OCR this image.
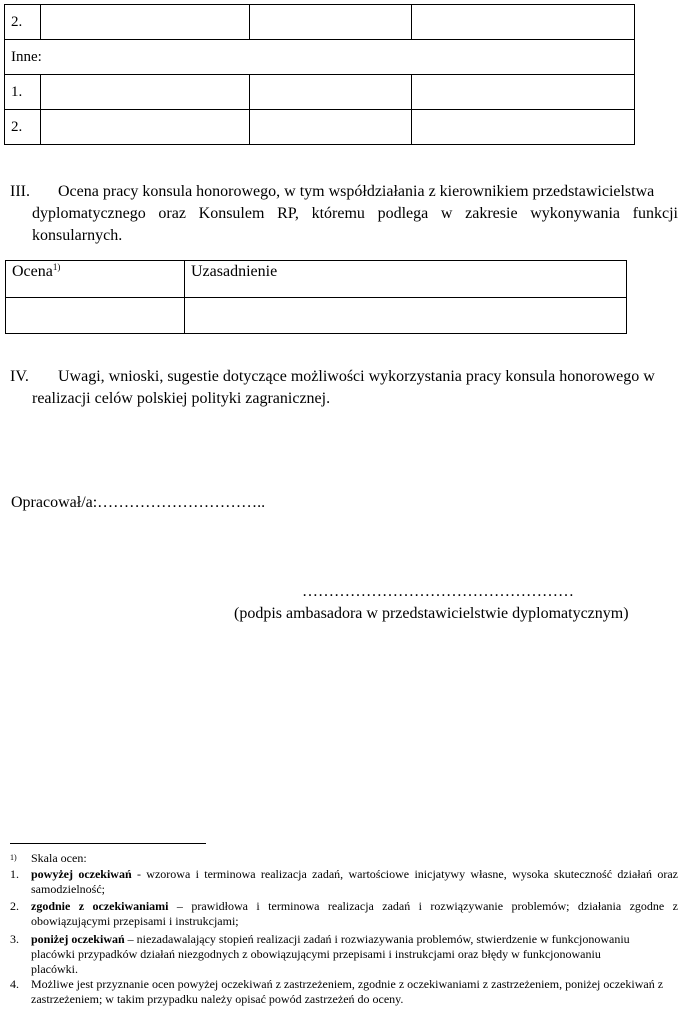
2.			
Inne:			
1.			
2.			
III. Ocena pracy konsula honorowego, w tym współdziałania z kierownikiem przedstawicielstwa
dyplomatycznego oraz Konsulem RP, któremu podlega w zakresie wykonywania funkcji konsularnych.
Ocena$^{1)}$	Uzasadnienie

IV. Uwagi, wnioski, sugestie dotyczące możliwości wykorzystania pracy konsula honorowego w
realizacji celów polskiej polityki zagranicznej.
Opracował/a:…………………………..
……………………………………………
(podpis ambasadora w przedstawicielstwie dyplomatycznym)
$^{1)}$ Skala ocen:
1. powyżej oczekiwań - wzorowa i terminowa realizacja zadań, wartościowe inicjatywy własne, wysoka skuteczność działań oraz samodzielność;
2. zgodnie z oczekiwaniami – prawidłowa i terminowa realizacja zadań i rozwiązywanie problemów; działania zgodne z obowiązującymi przepisami i instrukcjami;
3. poniżej oczekiwań – niezadawalający stopień realizacji zadań i rozwiazywania problemów, stwierdzenie w funkcjonowaniu placówki przypadków działań niezgodnych z obowiązującymi przepisami i instrukcjami oraz błędy w funkcjonowaniu placówki.
4. Możliwe jest przyznanie ocen powyżej oczekiwań z zastrzeżeniem, zgodnie z oczekiwaniami z zastrzeżeniem, poniżej oczekiwań z zastrzeżeniem; w takim przypadku należy opisać powód zastrzeżeń do oceny.
